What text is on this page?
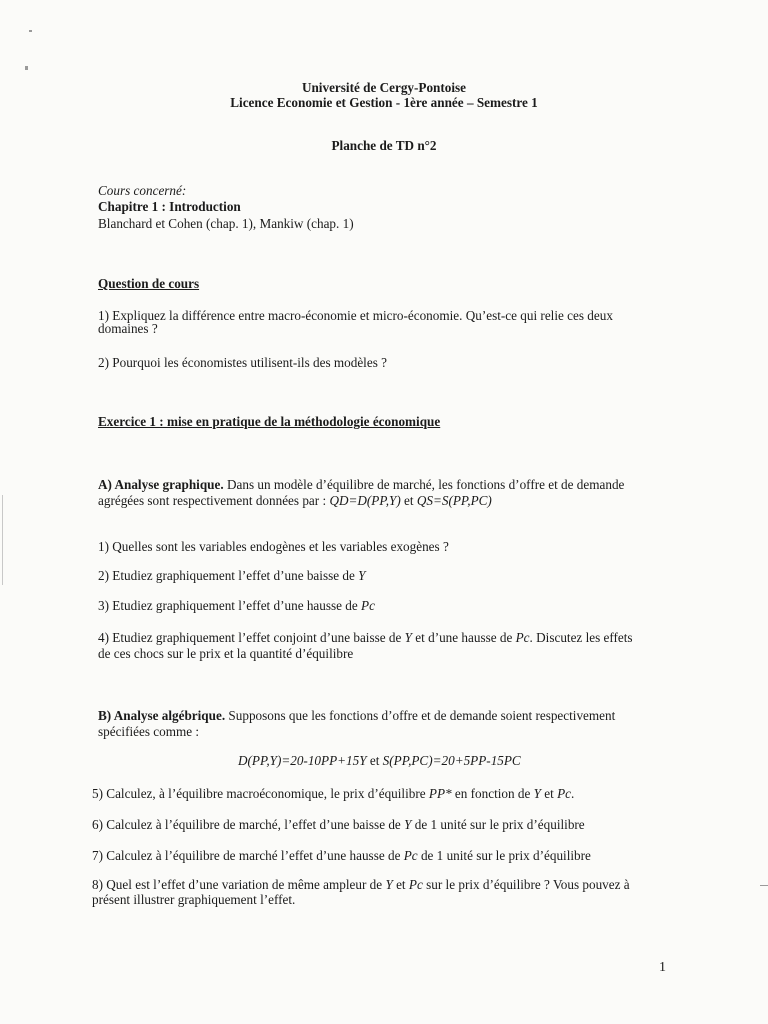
Université de Cergy-Pontoise
Licence Economie et Gestion - 1ère année – Semestre 1
Planche de TD n°2
Cours concerné:
Chapitre 1 : Introduction
Blanchard et Cohen (chap. 1), Mankiw (chap. 1)
Question de cours
1) Expliquez la différence entre macro-économie et micro-économie. Qu’est-ce qui relie ces deux
domaines ?
2) Pourquoi les économistes utilisent-ils des modèles ?
Exercice 1 : mise en pratique de la méthodologie économique
A) Analyse graphique. Dans un modèle d’équilibre de marché, les fonctions d’offre et de demande
agrégées sont respectivement données par : QD=D(PP,Y) et QS=S(PP,PC)
1) Quelles sont les variables endogènes et les variables exogènes ?
2) Etudiez graphiquement l’effet d’une baisse de Y
3) Etudiez graphiquement l’effet d’une hausse de Pc
4) Etudiez graphiquement l’effet conjoint d’une baisse de Y et d’une hausse de Pc. Discutez les effets
de ces chocs sur le prix et la quantité d’équilibre
B) Analyse algébrique. Supposons que les fonctions d’offre et de demande soient respectivement
spécifiées comme :
D(PP,Y)=20-10PP+15Y et S(PP,PC)=20+5PP-15PC
5) Calculez, à l’équilibre macroéconomique, le prix d’équilibre PP* en fonction de Y et Pc.
6) Calculez à l’équilibre de marché, l’effet d’une baisse de Y de 1 unité sur le prix d’équilibre
7) Calculez à l’équilibre de marché l’effet d’une hausse de Pc de 1 unité sur le prix d’équilibre
8) Quel est l’effet d’une variation de même ampleur de Y et Pc sur le prix d’équilibre ? Vous pouvez à
présent illustrer graphiquement l’effet.
1
